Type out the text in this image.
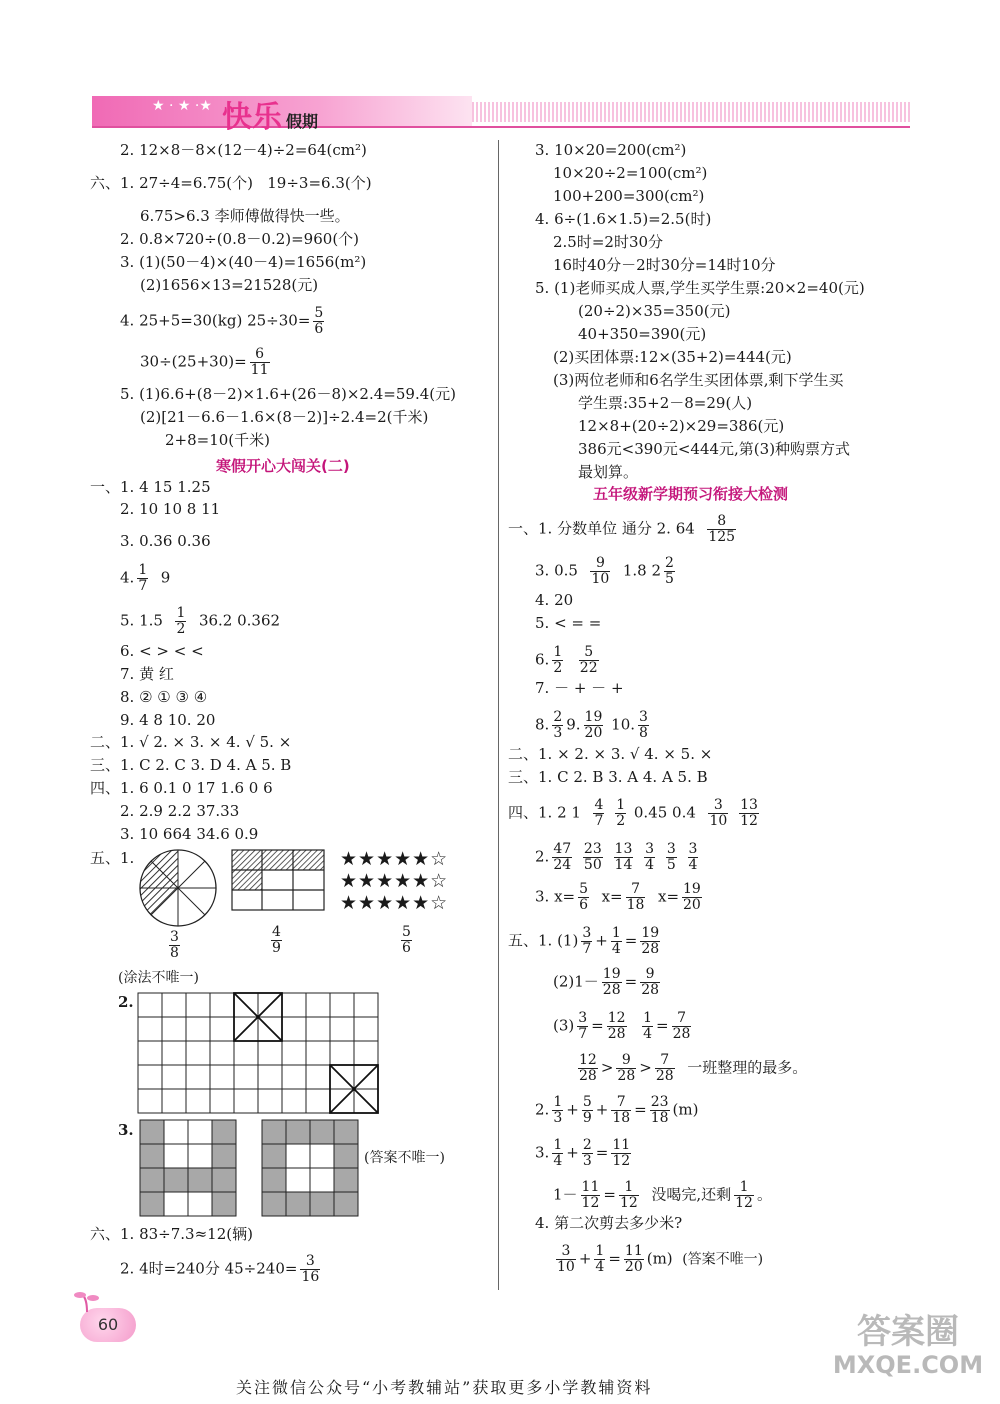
★ · ★ ·★ 快乐 假期
2. 12×8－8×(12－4)÷2=64(cm²)
六、1. 27÷4=6.75(个) 19÷3=6.3(个)
6.75>6.3 李师傅做得快一些。
2. 0.8×720÷(0.8－0.2)=960(个)
3. (1)(50－4)×(40－4)=1656(m²)
(2)1656×13=21528(元)
4. 25+5=30(kg) $25\div 30= \frac{5}{6}$
$30\div(25+30)= \frac{6}{11}$
5. (1)6.6+(8－2)×1.6+(26－8)×2.4=59.4(元)
(2)[21－6.6－1.6×(8－2)]÷2.4=2(千米)
2+8=10(千米)
寒假开心大闯关(二)
一、1. 4 15 1.25
2. 10 10 8 11
3. 0.36 0.36
4. $\frac{1}{7} 9$
5. $1.5 \frac{1}{2} 36.2$ 0.362
6. < > < <
7. 黄 红
8. ② ① ③ ④
9. 4 8 10. 20
二、1. √ 2. × 3. × 4. √ 5. ×
三、1. C 2. C 3. D 4. A 5. B
四、1. 6 0.1 0 17 1.6 0 6
2. 2.9 2.2 37.33
3. 10 664 34.6 0.9
五、1.	★★★★★☆
★★★★★☆
★★★★★☆
$\frac{3}{8}$	$\frac{4}{9}$	$\frac{5}{6}$
(涂法不唯一)
2.
3.
(答案不唯一)
六、1. 83÷7.3≈12(辆)
2. 4时=240分 $45\div 240= \frac{3}{16}$
3. 10×20=200(cm²)
10×20÷2=100(cm²)
100+200=300(cm²)
4. 6÷(1.6×1.5)=2.5(时)
2.5时=2时30分
16时40分－2时30分=14时10分
5. (1)老师买成人票,学生买学生票:20×2=40(元)
(20÷2)×35=350(元)
40+350=390(元)
(2)买团体票:12×(35+2)=444(元)
(3)两位老师和6名学生买团体票,剩下学生买
学生票:35+2－8=29(人)
12×8+(20÷2)×29=386(元)
386元<390元<444元,第(3)种购票方式
最划算。
五年级新学期预习衔接大检测
一、1. 分数单位 通分 2. $64 \frac{8}{125}$
3. $0.5 \frac{9}{10} 1.8$ $2 \frac{2}{5}$
4. 20
5. < = =
6. $\frac{1}{2}$
$\frac{5}{22}$
7. － + － +
8. $\frac{2}{3} 9$. $\frac{19}{20} 10$. $\frac{3}{8}$
二、1. × 2. × 3. √ 4. × 5. ×
三、1. C 2. B 3. A 4. A 5. B
四、1. 2 $1 \frac{4}{7}$
$\frac{1}{2} 0.45$ $0.4 \frac{3}{10}$
$\frac{13}{12}$
2. $\frac{47}{24}$
$\frac{23}{50}$
$\frac{13}{14}$
$\frac{3}{4}$
$\frac{3}{5}$
$\frac{3}{4}$
3. $x= \frac{5}{6} x= \frac{7}{18} x= \frac{19}{20}$
五、1. $(1) \frac{3}{7} + \frac{1}{4} = \frac{19}{28}$
$(2)1- \frac{19}{28} = \frac{9}{28}$
$(3) \frac{3}{7} = \frac{12}{28}$
$\frac{1}{4} = \frac{7}{28}$
$\frac{12}{28} > \frac{9}{28} > \frac{7}{28}$ 一班整理的最多。
2. $\frac{1}{3} + \frac{5}{9} + \frac{7}{18} = \frac{23}{18} (m)$
3. $\frac{1}{4} + \frac{2}{3} = \frac{11}{12}$
$1- \frac{11}{12} = \frac{1}{12}$ 没喝完,还剩 $\frac{1}{12}$ 。
4. 第二次剪去多少米?
$\frac{3}{10} + \frac{1}{4} = \frac{11}{20} (m)$ (答案不唯一)
60	答案圈
MXQE.COM
关注微信公众号“小考教辅站”获取更多小学教辅资料
